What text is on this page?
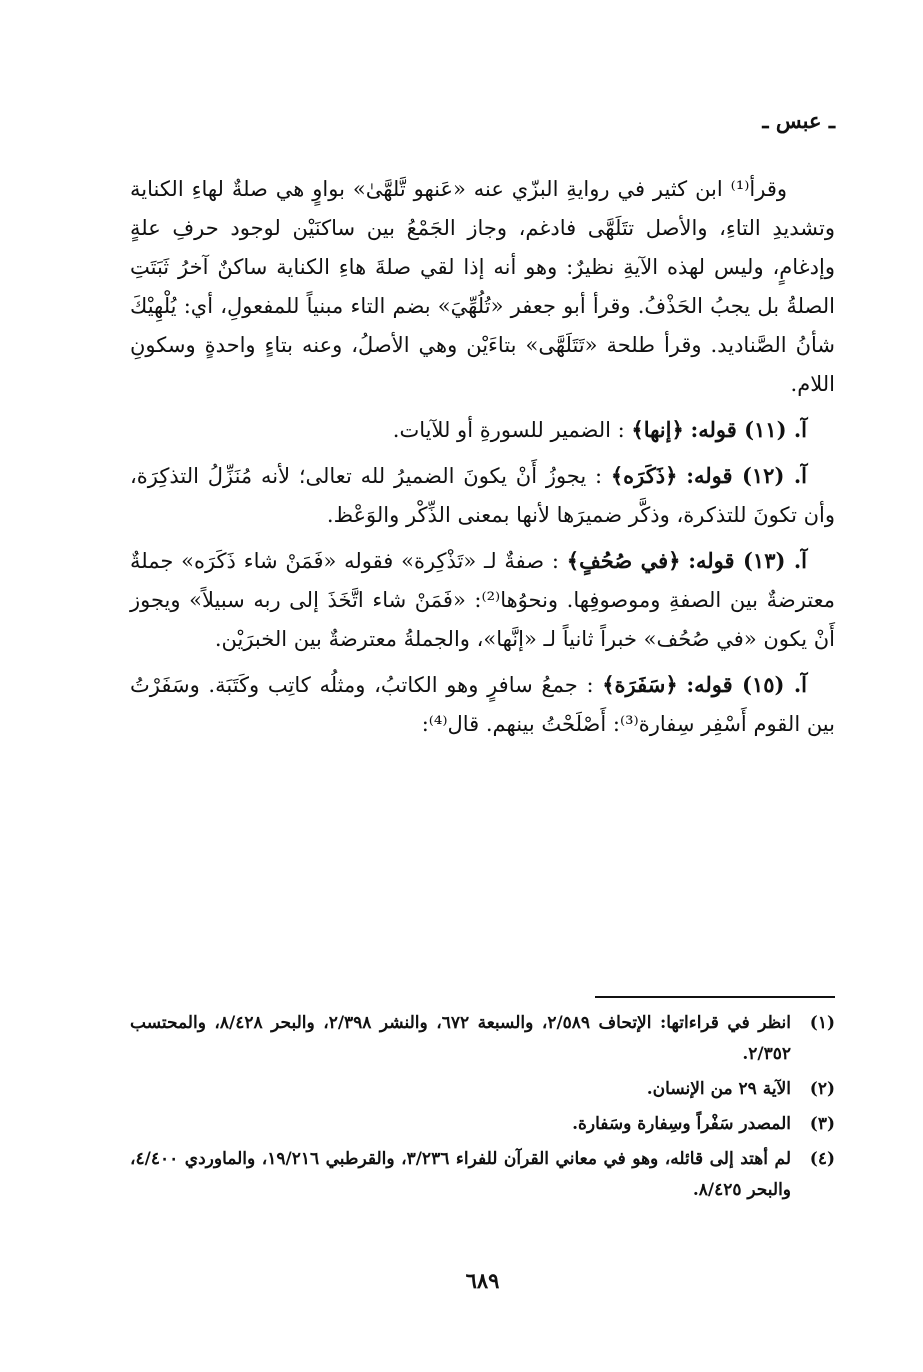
ـ عبس ـ

وقرأ⁽¹⁾ ابن كثير في روايةِ البزّي عنه «عَنهو تَّلهَّىٰ» بواوٍ هي صلةٌ لهاءِ الكناية وتشديدِ التاءِ، والأصل تتَلَهَّى فادغم، وجاز الجَمْعُ بين ساكنَيْن لوجود حرفِ علةٍ وإدغامٍ، وليس لهذه الآيةِ نظيرٌ: وهو أنه إذا لقي صلةَ هاءِ الكناية ساكنٌ آخرُ ثَبَتَتِ الصلةُ بل يجبُ الحَذْفُ. وقرأ أبو جعفر «تُلُهِّيَ» بضم التاء مبنياً للمفعولِ، أي: يُلْهِيْكَ شأنُ الصَّناديد. وقرأ طلحة «تَتَلَهَّى» بتاءَيْن وهي الأصلُ، وعنه بتاءٍ واحدةٍ وسكونِ اللام.

آ. (١١) قوله: ﴿إنها﴾ : الضمير للسورةِ أو للآيات.

آ. (١٢) قوله: ﴿ذَكَرَه﴾ : يجوزُ أَنْ يكونَ الضميرُ لله تعالى؛ لأنه مُنَزِّلُ التذكِرَة، وأن تكونَ للتذكرة، وذكَّر ضميرَها لأنها بمعنى الذِّكْر والوَعْظ.

آ. (١٣) قوله: ﴿في صُحُفٍ﴾ : صفةٌ لـ «تَذْكِرة» فقوله «فَمَنْ شاء ذَكَرَه» جملةٌ معترضةٌ بين الصفةِ وموصوفِها. ونحوُها⁽²⁾: «فَمَنْ شاء اتَّخَذَ إلى ربه سبيلاً» ويجوز أَنْ يكون «في صُحُف» خبراً ثانياً لـ «إنَّها»، والجملةُ معترضةٌ بين الخبرَيْن.

آ. (١٥) قوله: ﴿سَفَرَة﴾ : جمعُ سافرٍ وهو الكاتبُ، ومثلُه كاتِب وكَتَبَة. وسَفَرْتُ بين القوم أَسْفِر سِفارة⁽³⁾: أَصْلَحْتُ بينهم. قال⁽⁴⁾:

(١)
انظر في قراءاتها: الإتحاف ٢/٥٨٩، والسبعة ٦٧٢، والنشر ٢/٣٩٨، والبحر ٨/٤٢٨، والمحتسب ٢/٣٥٢.
(٢)
الآية ٢٩ من الإنسان.
(٣)
المصدر سَفْراً وسِفارة وسَفارة.
(٤)
لم أهتد إلى قائله، وهو في معاني القرآن للفراء ٣/٢٣٦، والقرطبي ١٩/٢١٦، والماوردي ٤/٤٠٠، والبحر ٨/٤٢٥.
٦٨٩
